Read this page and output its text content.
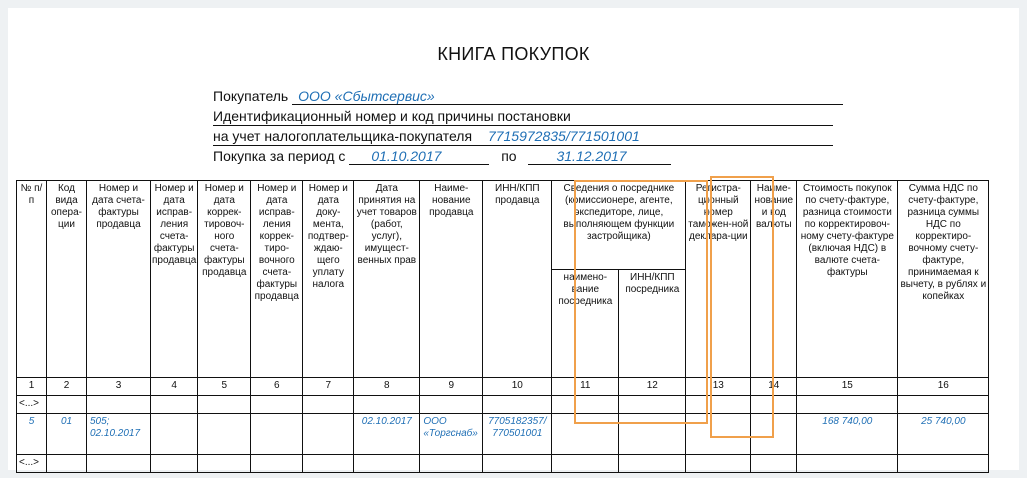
КНИГА ПОКУПОК
Покупатель ООО «Сбытсервис»
Идентификационный номер и код причины постановки
на учет налогоплательщика-покупателя 7715972835/771501001
Покупка за период с 01.10.2017	по	31.12.2017
№ п/п	Код вида опера-ции	Номер и дата счета-фактуры продавца	Номер и дата исправ-ления счета-фактуры продавца	Номер и дата коррек-тировоч-ного счета-фактуры продавца	Номер и дата исправ-ления коррек-тиро-вочного счета-фактуры продавца	Номер и дата доку-мента, подтвер-ждаю-щего уплату налога	Дата принятия на учет товаров (работ, услуг), имущест-венных прав	Наиме-нование продавца	ИНН/КПП продавца	Сведения о посреднике (комиссионере, агенте, экспедиторе, лице, выполняющем функции застройщика)		Регистра-ционный номер таможен-ной деклара-ции	Наиме-нование и код валюты	Стоимость покупок по счету-фактуре, разница стоимости по корректировоч-ному счету-фактуре (включая НДС) в валюте счета-фактуры	Сумма НДС по счету-фактуре, разница суммы НДС по корректиро-вочному счету-фактуре, принимаемая к вычету, в рублях и копейках
										наимено-вание посредника	ИНН/КПП посредника				
1	2	3	4	5	6	7	8	9	10	11	12	13	14	15	16
<...>															
5	01	505; 02.10.2017					02.10.2017	ООО «Торгснаб»	7705182357/ 770501001					168 740,00	25 740,00
<...>															
